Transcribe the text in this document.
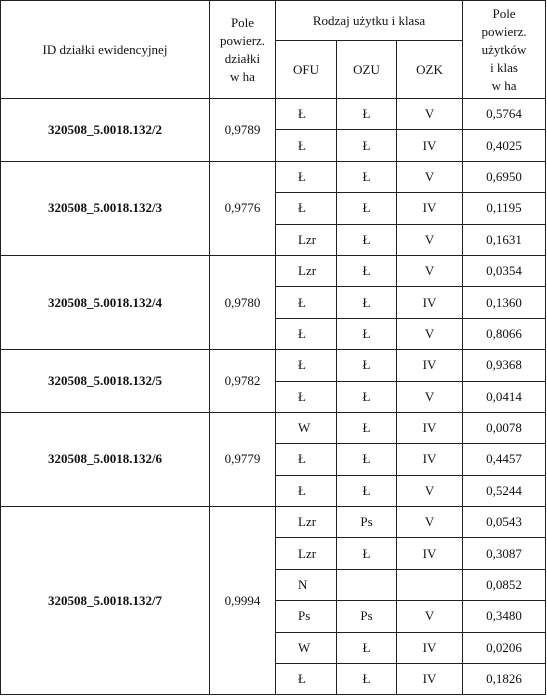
ID działki ewidencyjnej	Pole
powierz.
działki
w ha	Rodzaj użytku i klasa			Pole
powierz.
użytków
i klas
w ha
		OFU	OZU	OZK	
320508_5.0018.132/2	0,9789	Ł	Ł	V	0,5764
		Ł	Ł	IV	0,4025
320508_5.0018.132/3	0,9776	Ł	Ł	V	0,6950
		Ł	Ł	IV	0,1195
		Lzr	Ł	V	0,1631
320508_5.0018.132/4	0,9780	Lzr	Ł	V	0,0354
		Ł	Ł	IV	0,1360
		Ł	Ł	V	0,8066
320508_5.0018.132/5	0,9782	Ł	Ł	IV	0,9368
		Ł	Ł	V	0,0414
320508_5.0018.132/6	0,9779	W	Ł	IV	0,0078
		Ł	Ł	IV	0,4457
		Ł	Ł	V	0,5244
320508_5.0018.132/7	0,9994	Lzr	Ps	V	0,0543
		Lzr	Ł	IV	0,3087
		N			0,0852
		Ps	Ps	V	0,3480
		W	Ł	IV	0,0206
		Ł	Ł	IV	0,1826
